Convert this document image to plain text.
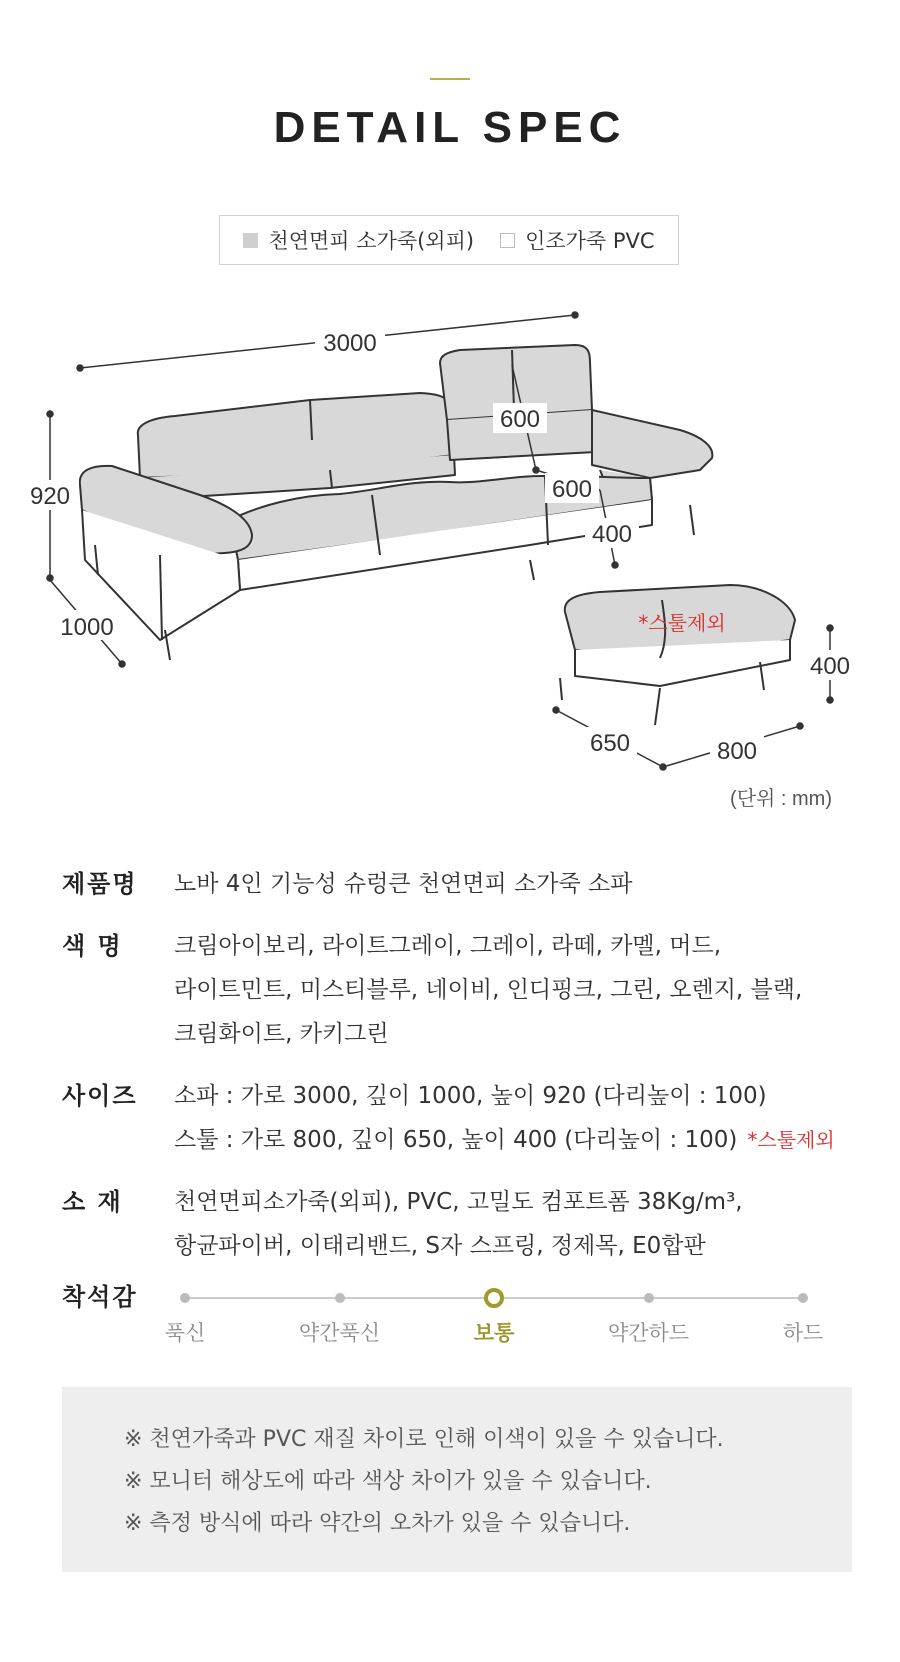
DETAIL SPEC
천연면피 소가죽(외피) 인조가죽 PVC
3000
600
600
400
920
1000
400
650	800
*스툴제외
(단위 : mm)
제품명	노바 4인 기능성 슈렁큰 천연면피 소가죽 소파
색 명	크림아이보리, 라이트그레이, 그레이, 라떼, 카멜, 머드,
라이트민트, 미스티블루, 네이비, 인디핑크, 그린, 오렌지, 블랙,
크림화이트, 카키그린
사이즈	소파 : 가로 3000, 깊이 1000, 높이 920 (다리높이 : 100)
스툴 : 가로 800, 깊이 650, 높이 400 (다리높이 : 100) *스툴제외
소 재	천연면피소가죽(외피), PVC, 고밀도 컴포트폼 38Kg/m³,
항균파이버, 이태리밴드, S자 스프링, 정제목, E0합판
착석감
푹신	약간푹신	보통	약간하드	하드
※ 천연가죽과 PVC 재질 차이로 인해 이색이 있을 수 있습니다.
※ 모니터 해상도에 따라 색상 차이가 있을 수 있습니다.
※ 측정 방식에 따라 약간의 오차가 있을 수 있습니다.
